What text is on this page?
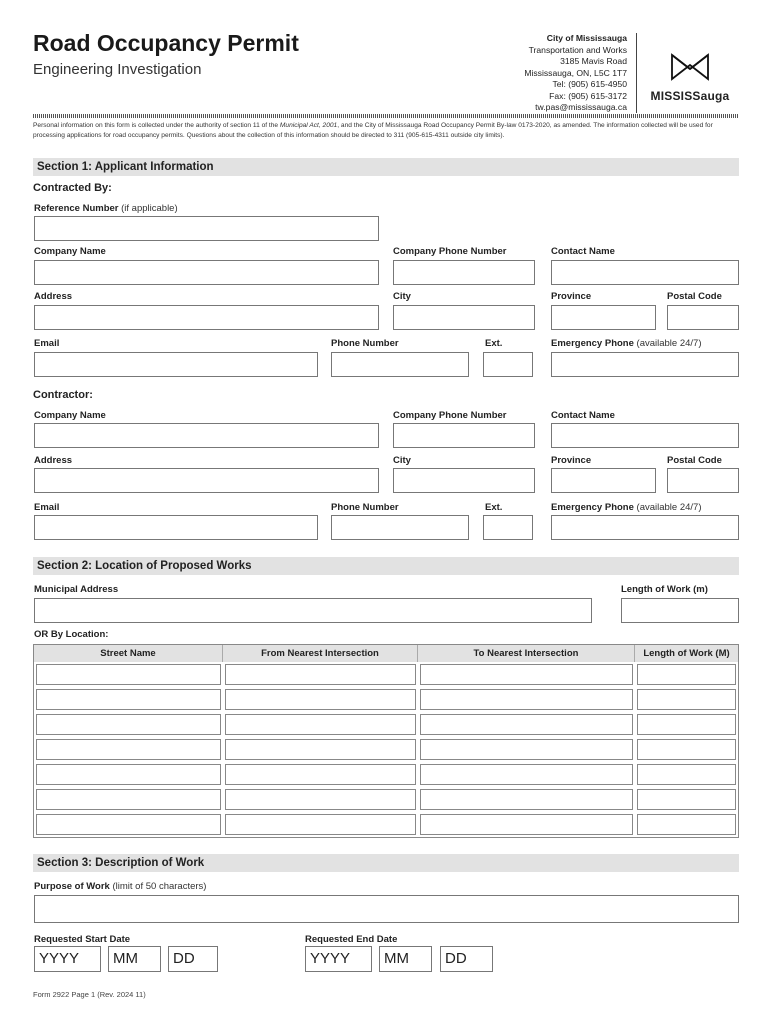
Road Occupancy Permit
Engineering Investigation
City of Mississauga
Transportation and Works
3185 Mavis Road
Mississauga, ON, L5C 1T7
Tel: (905) 615-4950
Fax: (905) 615-3172
tw.pas@mississauga.ca
MISSISSauga
Personal information on this form is collected under the authority of section 11 of the Municipal Act, 2001, and the City of Mississauga Road Occupancy Permit By-law 0173-2020, as amended. The information collected will be used for processing applications for road occupancy permits. Questions about the collection of this information should be directed to 311 (905-615-4311 outside city limits).
Section 1: Applicant Information
Contracted By:
Reference Number (if applicable)
Company Name	Company Phone Number	Contact Name
Address	City	Province	Postal Code
Email	Phone Number	Ext.	Emergency Phone (available 24/7)
Contractor:
Company Name	Company Phone Number	Contact Name
Address	City	Province	Postal Code
Email	Phone Number	Ext.	Emergency Phone (available 24/7)
Section 2: Location of Proposed Works
Municipal Address	Length of Work (m)
OR By Location:
Street Name	From Nearest Intersection	To Nearest Intersection	Length of Work (M)

Section 3: Description of Work
Purpose of Work (limit of 50 characters)
Requested Start Date	Requested End Date
YYYY	MM	DD	YYYY	MM	DD
Form 2922 Page 1 (Rev. 2024 11)
